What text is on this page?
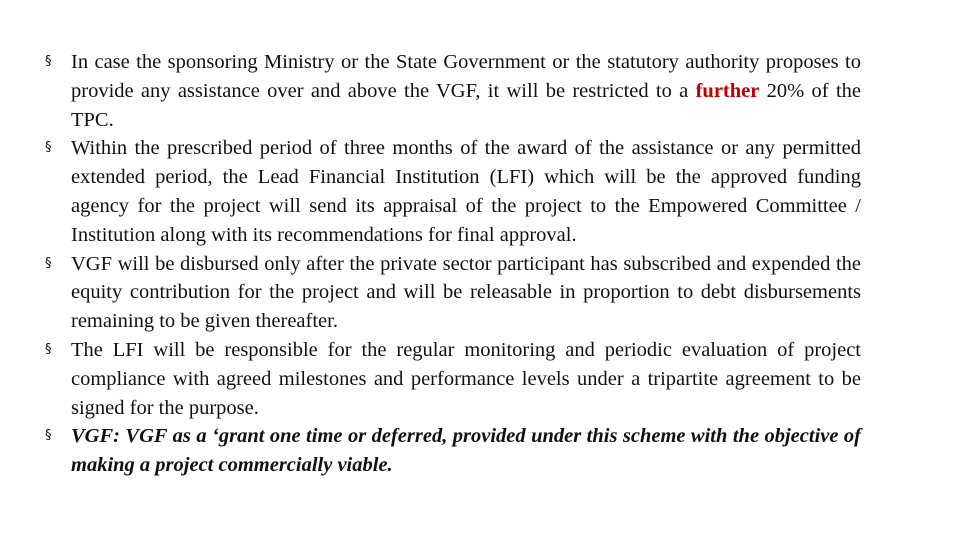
§ In case the sponsoring Ministry or the State Government or the statutory authority proposes to provide any assistance over and above the VGF, it will be restricted to a further 20% of the TPC.
§ Within the prescribed period of three months of the award of the assistance or any permitted extended period, the Lead Financial Institution (LFI) which will be the approved funding agency for the project will send its appraisal of the project to the Empowered Committee / Institution along with its recommendations for final approval.
§ VGF will be disbursed only after the private sector participant has subscribed and expended the equity contribution for the project and will be releasable in proportion to debt disbursements remaining to be given thereafter.
§ The LFI will be responsible for the regular monitoring and periodic evaluation of project compliance with agreed milestones and performance levels under a tripartite agreement to be signed for the purpose.
§ VGF: VGF as a ‘grant one time or deferred, provided under this scheme with the objective of making a project commercially viable.
